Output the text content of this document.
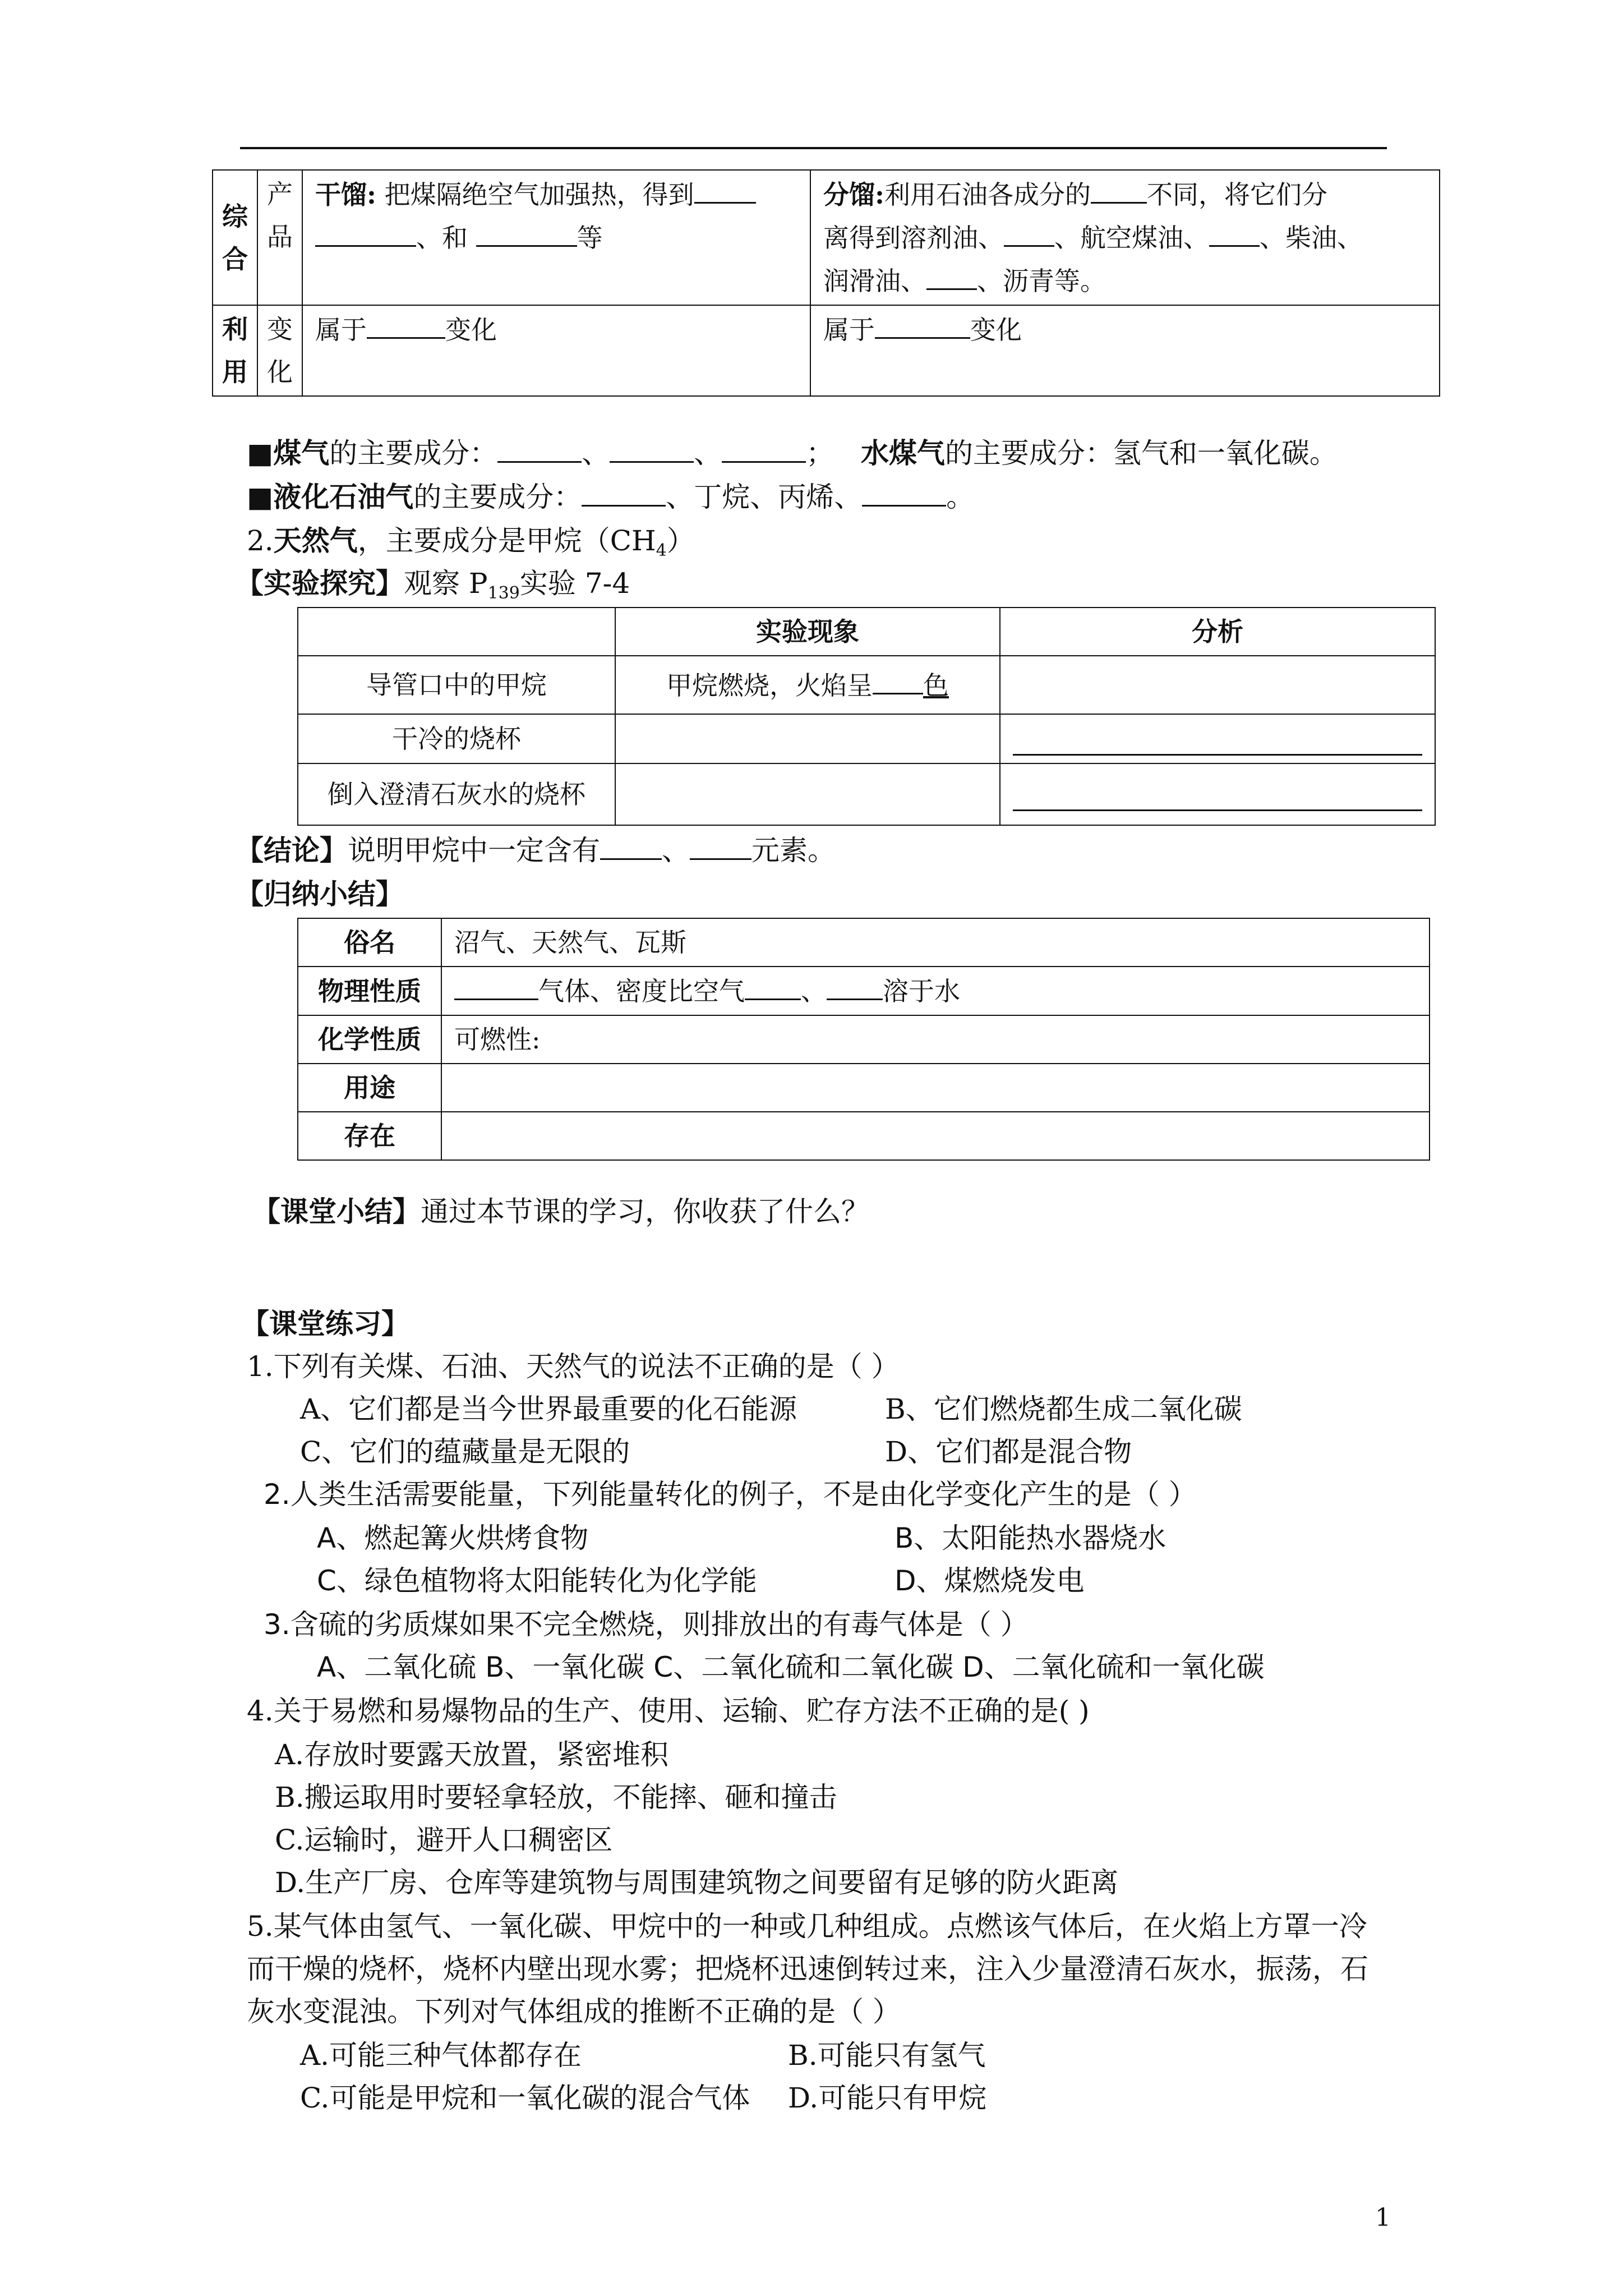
综合	产品	干馏: 把煤隔绝空气加强热，得到
、和 等	分馏:利用石油各成分的 不同，将它们分
离得到溶剂油、 、航空煤油、 、柴油、
润滑油、 、沥青等。
利用	变化	属于 变化	属于 变化
■煤气的主要成分：	、	、	； 水煤气的主要成分：氢气和一氧化碳。
■液化石油气的主要成分：	、丁烷、丙烯、	。
2.天然气，主要成分是甲烷$(CH_4)$
【实验探究】观察 $P_{139}$实验 7-4
	实验现象	分析
导管口中的甲烷	甲烷燃烧，火焰呈 色	
干冷的烧杯		

倒入澄清石灰水的烧杯		
【结论】说明甲烷中一定含有 、 元素。
【归纳小结】
俗名	沼气、天然气、瓦斯
物理性质	气体、密度比空气 、 溶于水
化学性质	可燃性:
用途	
存在	
【课堂小结】通过本节课的学习，你收获了什么？
【课堂练习】
1.下列有关煤、石油、天然气的说法不正确的是（ ）
A、它们都是当今世界最重要的化石能源	B、它们燃烧都生成二氧化碳
C、它们的蕴藏量是无限的	D、它们都是混合物
2.人类生活需要能量，下列能量转化的例子，不是由化学变化产生的是（ ）
A、燃起篝火烘烤食物	B、太阳能热水器烧水
C、绿色植物将太阳能转化为化学能	D、煤燃烧发电
3.含硫的劣质煤如果不完全燃烧，则排放出的有毒气体是（ ）
A、二氧化硫 B、一氧化碳 C、二氧化硫和二氧化碳 D、二氧化硫和一氧化碳
4.关于易燃和易爆物品的生产、使用、运输、贮存方法不正确的是( )
A.存放时要露天放置，紧密堆积
B.搬运取用时要轻拿轻放，不能摔、砸和撞击
C.运输时，避开人口稠密区
D.生产厂房、仓库等建筑物与周围建筑物之间要留有足够的防火距离
5.某气体由氢气、一氧化碳、甲烷中的一种或几种组成。点燃该气体后，在火焰上方罩一冷
而干燥的烧杯，烧杯内壁出现水雾；把烧杯迅速倒转过来，注入少量澄清石灰水，振荡，石
灰水变混浊。下列对气体组成的推断不正确的是（ ）
A.可能三种气体都存在	B.可能只有氢气
C.可能是甲烷和一氧化碳的混合气体 D.可能只有甲烷
1
